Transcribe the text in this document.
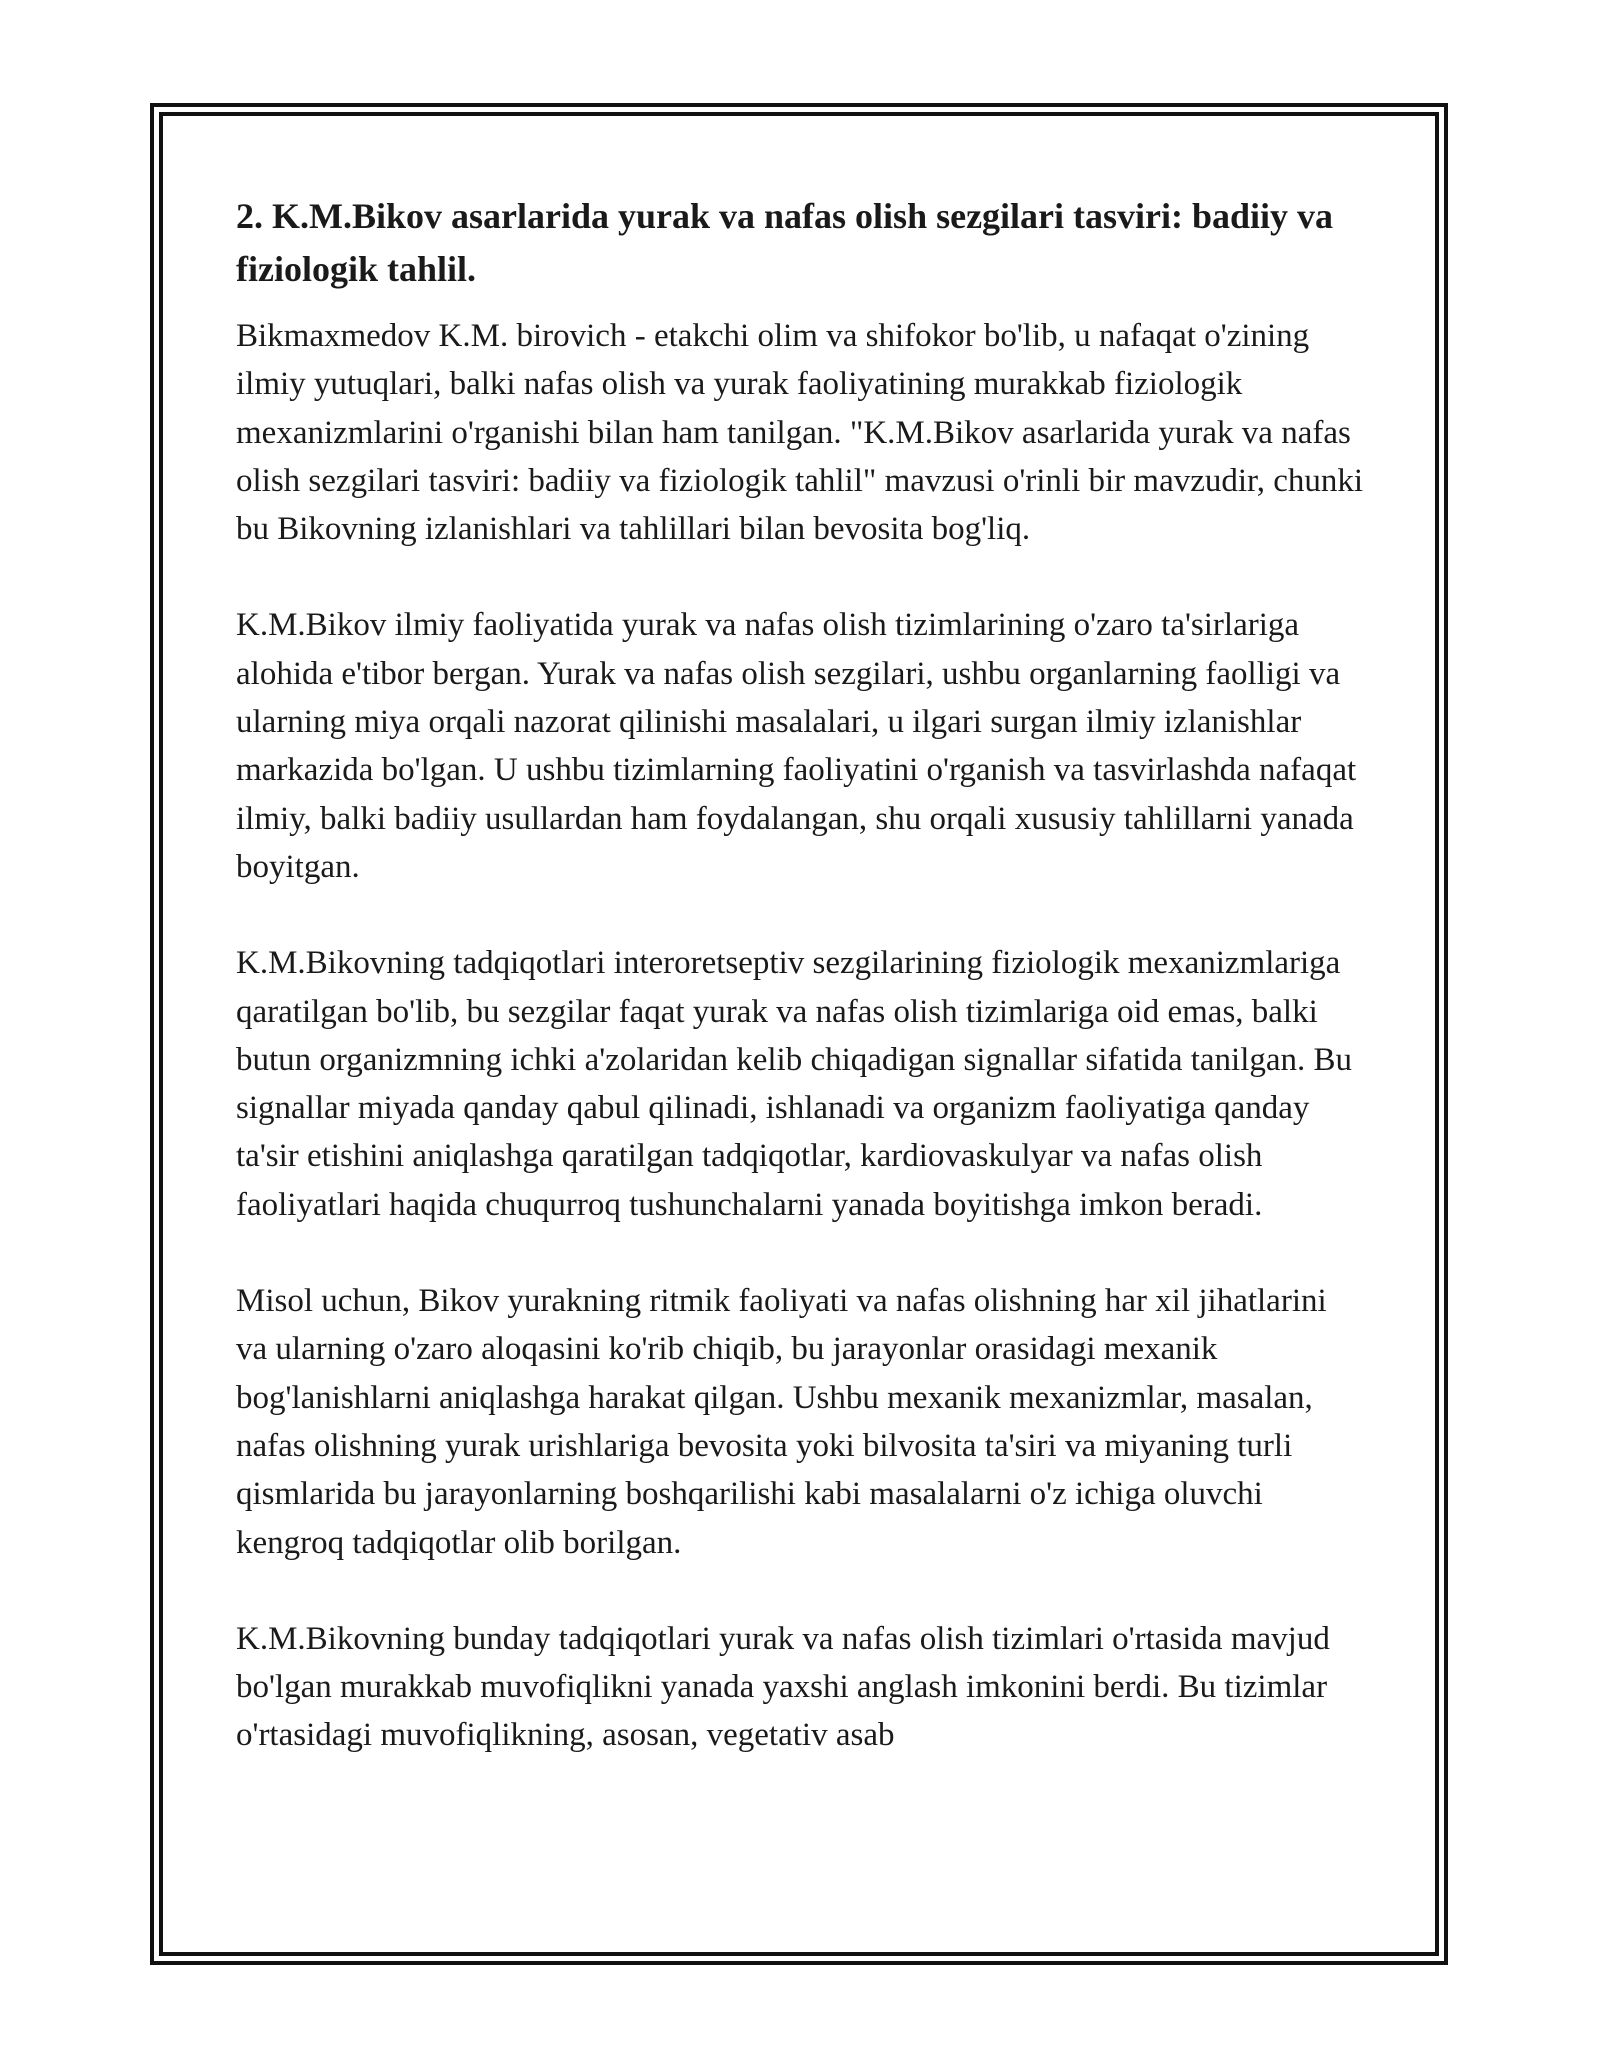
2. K.M.Bikov asarlarida yurak va nafas olish sezgilari tasviri: badiiy va fiziologik tahlil.

Bikmaxmedov K.M. birovich - etakchi olim va shifokor bo'lib, u nafaqat o'zining ilmiy yutuqlari, balki nafas olish va yurak faoliyatining murakkab fiziologik mexanizmlarini o'rganishi bilan ham tanilgan. "K.M.Bikov asarlarida yurak va nafas olish sezgilari tasviri: badiiy va fiziologik tahlil" mavzusi o'rinli bir mavzudir, chunki bu Bikovning izlanishlari va tahlillari bilan bevosita bog'liq.

K.M.Bikov ilmiy faoliyatida yurak va nafas olish tizimlarining o'zaro ta'sirlariga alohida e'tibor bergan. Yurak va nafas olish sezgilari, ushbu organlarning faolligi va ularning miya orqali nazorat qilinishi masalalari, u ilgari surgan ilmiy izlanishlar markazida bo'lgan. U ushbu tizimlarning faoliyatini o'rganish va tasvirlashda nafaqat ilmiy, balki badiiy usullardan ham foydalangan, shu orqali xususiy tahlillarni yanada boyitgan.

K.M.Bikovning tadqiqotlari interoretseptiv sezgilarining fiziologik mexanizmlariga qaratilgan bo'lib, bu sezgilar faqat yurak va nafas olish tizimlariga oid emas, balki butun organizmning ichki a'zolaridan kelib chiqadigan signallar sifatida tanilgan. Bu signallar miyada qanday qabul qilinadi, ishlanadi va organizm faoliyatiga qanday ta'sir etishini aniqlashga qaratilgan tadqiqotlar, kardiovaskulyar va nafas olish faoliyatlari haqida chuqurroq tushunchalarni yanada boyitishga imkon beradi.

Misol uchun, Bikov yurakning ritmik faoliyati va nafas olishning har xil jihatlarini va ularning o'zaro aloqasini ko'rib chiqib, bu jarayonlar orasidagi mexanik bog'lanishlarni aniqlashga harakat qilgan. Ushbu mexanik mexanizmlar, masalan, nafas olishning yurak urishlariga bevosita yoki bilvosita ta'siri va miyaning turli qismlarida bu jarayonlarning boshqarilishi kabi masalalarni o'z ichiga oluvchi kengroq tadqiqotlar olib borilgan.

K.M.Bikovning bunday tadqiqotlari yurak va nafas olish tizimlari o'rtasida mavjud bo'lgan murakkab muvofiqlikni yanada yaxshi anglash imkonini berdi. Bu tizimlar o'rtasidagi muvofiqlikning, asosan, vegetativ asab
